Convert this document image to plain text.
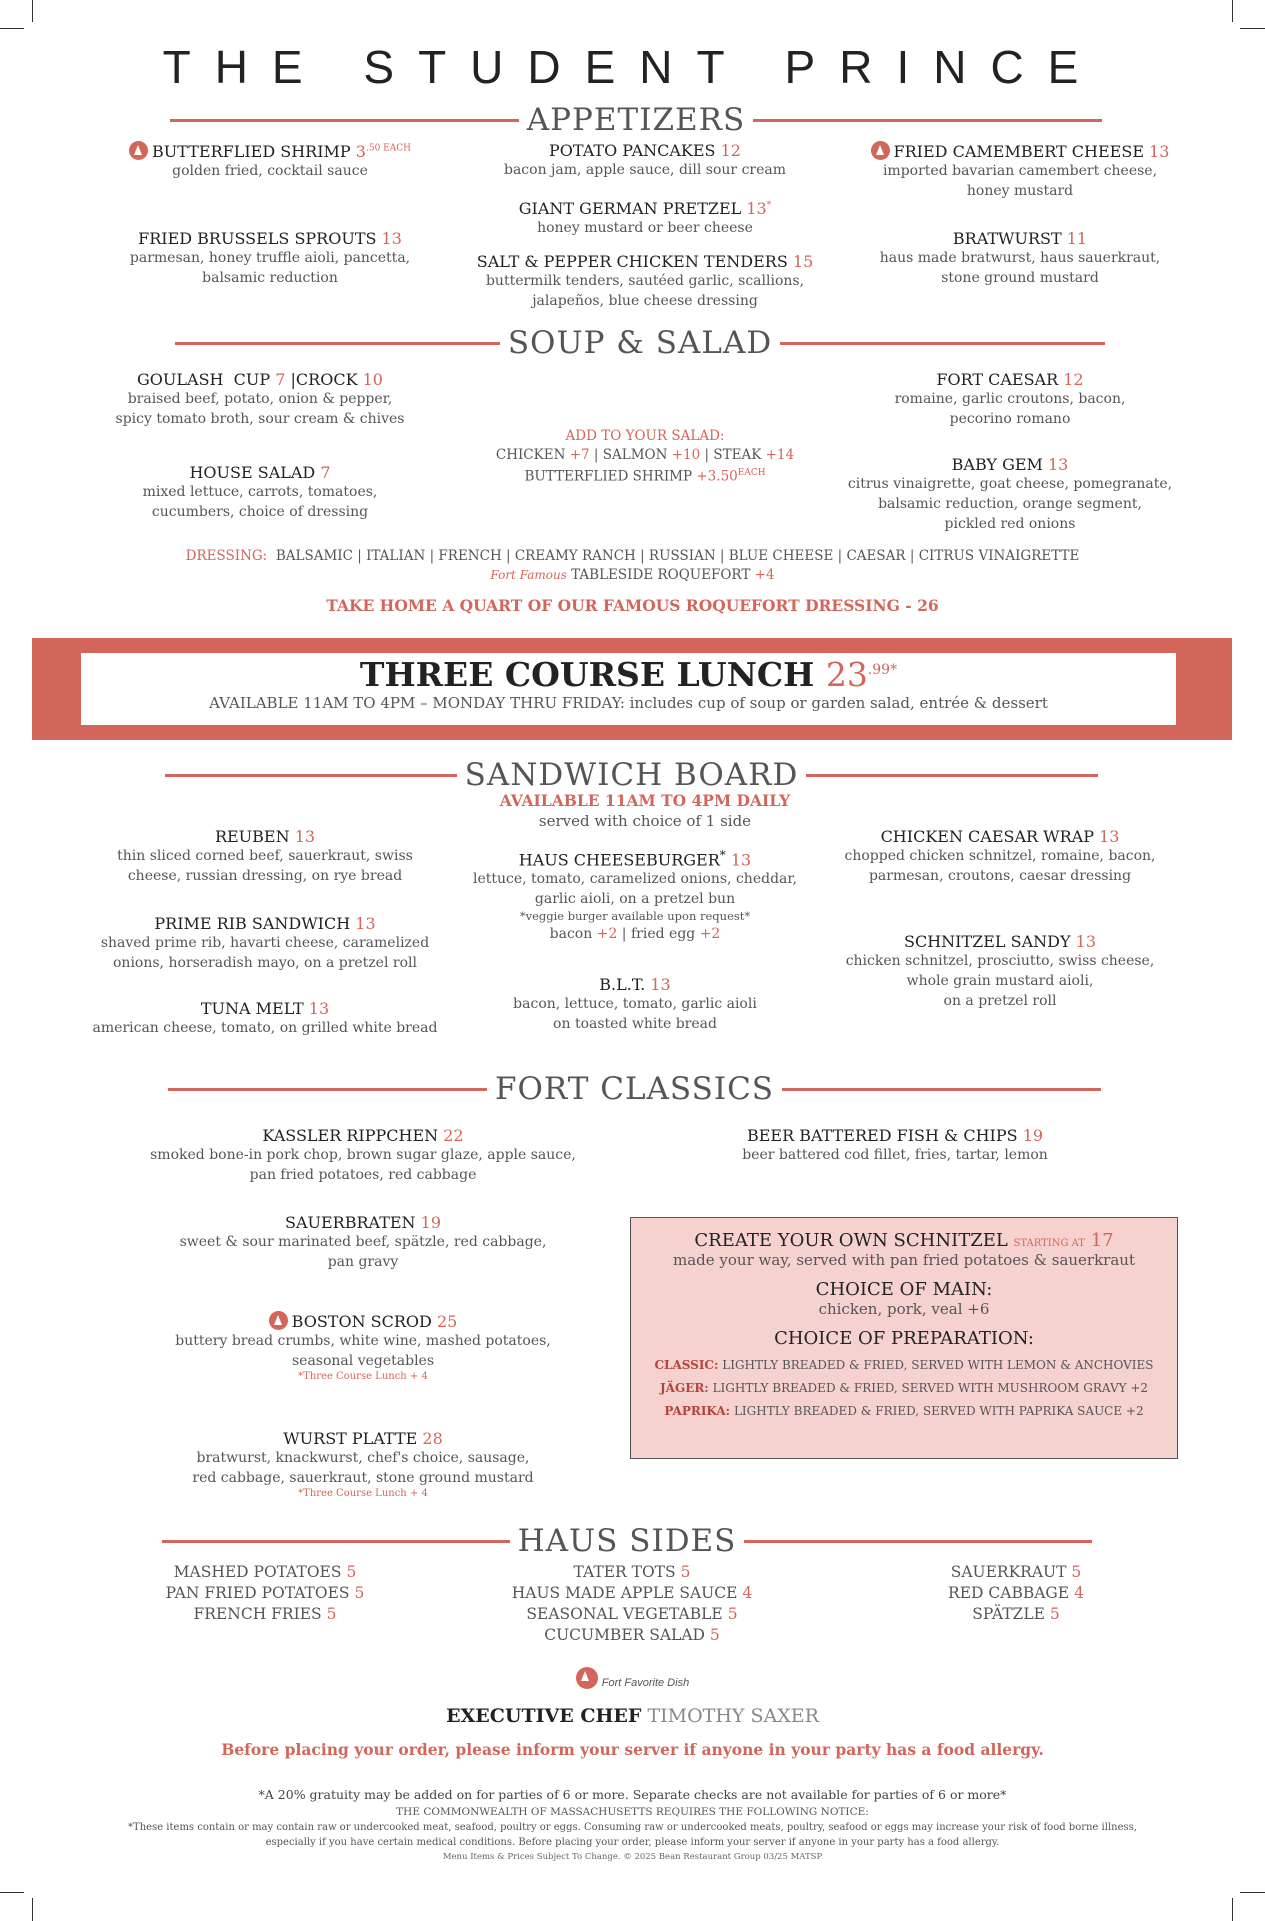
THE STUDENT PRINCE
APPETIZERS
BUTTERFLIED SHRIMP $3^{.50 EACH}$
golden fried, cocktail sauce
FRIED BRUSSELS SPROUTS 13
parmesan, honey truffle aioli, pancetta,
balsamic reduction
POTATO PANCAKES 12
bacon jam, apple sauce, dill sour cream
GIANT GERMAN PRETZEL 13*
honey mustard or beer cheese
SALT & PEPPER CHICKEN TENDERS 15
buttermilk tenders, sautéed garlic, scallions,
jalapeños, blue cheese dressing
FRIED CAMEMBERT CHEESE 13
imported bavarian camembert cheese,
honey mustard
BRATWURST 11
haus made bratwurst, haus sauerkraut,
stone ground mustard
SOUP & SALAD
GOULASH CUP 7 |CROCK 10
braised beef, potato, onion & pepper,
spicy tomato broth, sour cream & chives
HOUSE SALAD 7
mixed lettuce, carrots, tomatoes,
cucumbers, choice of dressing
ADD TO YOUR SALAD:
CHICKEN +7 | SALMON +10 | STEAK +14
BUTTERFLIED SHRIMP $+3.50^{EACH}$
FORT CAESAR 12
romaine, garlic croutons, bacon,
pecorino romano
BABY GEM 13
citrus vinaigrette, goat cheese, pomegranate,
balsamic reduction, orange segment,
pickled red onions
DRESSING: BALSAMIC | ITALIAN | FRENCH | CREAMY RANCH | RUSSIAN | BLUE CHEESE | CAESAR | CITRUS VINAIGRETTE
Fort Famous TABLESIDE ROQUEFORT +4
TAKE HOME A QUART OF OUR FAMOUS ROQUEFORT DRESSING - 26
THREE COURSE LUNCH $23^{.99*}$
AVAILABLE 11AM TO 4PM – MONDAY THRU FRIDAY: includes cup of soup or garden salad, entrée & dessert
SANDWICH BOARD
AVAILABLE 11AM TO 4PM DAILY
served with choice of 1 side
REUBEN 13
thin sliced corned beef, sauerkraut, swiss
cheese, russian dressing, on rye bread
PRIME RIB SANDWICH 13
shaved prime rib, havarti cheese, caramelized
onions, horseradish mayo, on a pretzel roll
TUNA MELT 13
american cheese, tomato, on grilled white bread
HAUS CHEESEBURGER* 13
lettuce, tomato, caramelized onions, cheddar,
garlic aioli, on a pretzel bun
*veggie burger available upon request*
bacon +2 | fried egg +2
B.L.T. 13
bacon, lettuce, tomato, garlic aioli
on toasted white bread
CHICKEN CAESAR WRAP 13
chopped chicken schnitzel, romaine, bacon,
parmesan, croutons, caesar dressing
SCHNITZEL SANDY 13
chicken schnitzel, prosciutto, swiss cheese,
whole grain mustard aioli,
on a pretzel roll
FORT CLASSICS
KASSLER RIPPCHEN 22
smoked bone-in pork chop, brown sugar glaze, apple sauce,
pan fried potatoes, red cabbage
SAUERBRATEN 19
sweet & sour marinated beef, spätzle, red cabbage,
pan gravy
BOSTON SCROD 25
buttery bread crumbs, white wine, mashed potatoes,
seasonal vegetables
*Three Course Lunch + 4
WURST PLATTE 28
bratwurst, knackwurst, chef's choice, sausage,
red cabbage, sauerkraut, stone ground mustard
*Three Course Lunch + 4
BEER BATTERED FISH & CHIPS 19
beer battered cod fillet, fries, tartar, lemon
CREATE YOUR OWN SCHNITZEL STARTING AT 17
made your way, served with pan fried potatoes & sauerkraut
CHOICE OF MAIN:
chicken, pork, veal +6
CHOICE OF PREPARATION:
CLASSIC: LIGHTLY BREADED & FRIED, SERVED WITH LEMON & ANCHOVIES
JÄGER: LIGHTLY BREADED & FRIED, SERVED WITH MUSHROOM GRAVY +2
PAPRIKA: LIGHTLY BREADED & FRIED, SERVED WITH PAPRIKA SAUCE +2
HAUS SIDES
MASHED POTATOES 5
PAN FRIED POTATOES 5
FRENCH FRIES 5
TATER TOTS 5
HAUS MADE APPLE SAUCE 4
SEASONAL VEGETABLE 5
CUCUMBER SALAD 5
SAUERKRAUT 5
RED CABBAGE 4
SPÄTZLE 5
Fort Favorite Dish
EXECUTIVE CHEF TIMOTHY SAXER
Before placing your order, please inform your server if anyone in your party has a food allergy.
*A 20% gratuity may be added on for parties of 6 or more. Separate checks are not available for parties of 6 or more*
THE COMMONWEALTH OF MASSACHUSETTS REQUIRES THE FOLLOWING NOTICE:
*These items contain or may contain raw or undercooked meat, seafood, poultry or eggs. Consuming raw or undercooked meats, poultry, seafood or eggs may increase your risk of food borne illness,
especially if you have certain medical conditions. Before placing your order, please inform your server if anyone in your party has a food allergy.
Menu Items & Prices Subject To Change. © 2025 Bean Restaurant Group 03/25 MATSP
